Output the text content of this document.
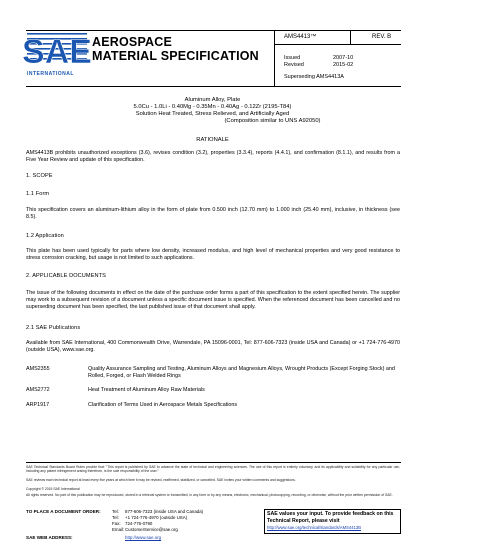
SAE
INTERNATIONAL
AEROSPACE
MATERIAL SPECIFICATION
AMS4413™	REV. B
Issued	2007-10
Revised	2015-02
Superseding AMS4413A
Aluminum Alloy, Plate
5.0Cu - 1.0Li - 0.40Mg - 0.35Mn - 0.40Ag - 0.12Zr (2195-T84)
Solution Heat Treated, Stress Relieved, and Artificially Aged
(Composition similar to UNS A92050)
RATIONALE
AMS4413B prohibits unauthorized exceptions (3.6), revises condition (3.2), properties (3.3.4), reports (4.4.1), and confirmation (8.1.1), and results from a Five Year Review and update of this specification.
1. SCOPE
1.1 Form
This specification covers an aluminum-lithium alloy in the form of plate from 0.500 inch (12.70 mm) to 1.000 inch (25.40 mm), inclusive, in thickness (see 8.5).
1.2 Application
This plate has been used typically for parts where low density, increased modulus, and high level of mechanical properties and very good resistance to stress corrosion cracking, but usage is not limited to such applications.
2. APPLICABLE DOCUMENTS
The issue of the following documents in effect on the date of the purchase order forms a part of this specification to the extent specified herein. The supplier may work to a subsequent revision of a document unless a specific document issue is specified. When the referenced document has been cancelled and no superseding document has been specified, the last published issue of that document shall apply.
2.1 SAE Publications
Available from SAE International, 400 Commonwealth Drive, Warrendale, PA 15096-0001, Tel: 877-606-7323 (inside USA and Canada) or +1 724-776-4970 (outside USA), www.sae.org.
AMS2355	Quality Assurance Sampling and Testing, Aluminum Alloys and Magnesium Alloys, Wrought Products (Except Forging Stock) and Rolled, Forged, or Flash Welded Rings
AMS2772	Heat Treatment of Aluminum Alloy Raw Materials
ARP1917	Clarification of Terms Used in Aerospace Metals Specifications
SAE Technical Standards Board Rules provide that: "This report is published by SAE to advance the state of technical and engineering sciences. The use of this report is entirely voluntary, and its applicability and suitability for any particular use, including any patent infringement arising therefrom, is the sole responsibility of the user."
SAE reviews each technical report at least every five years at which time it may be revised, reaffirmed, stabilized, or cancelled. SAE invites your written comments and suggestions.
Copyright © 2015 SAE International
All rights reserved. No part of this publication may be reproduced, stored in a retrieval system or transmitted, in any form or by any means, electronic, mechanical, photocopying, recording, or otherwise, without the prior written permission of SAE.
TO PLACE A DOCUMENT ORDER:	Tel: 877-606-7323 (inside USA and Canada)
Tel: +1 724-776-4970 (outside USA)
Fax: 724-776-0790
Email: CustomerService@sae.org
SAE WEB ADDRESS:	http://www.sae.org
SAE values your input. To provide feedback on this
Technical Report, please visit
http://www.sae.org/technical/standards/AMS4413B
